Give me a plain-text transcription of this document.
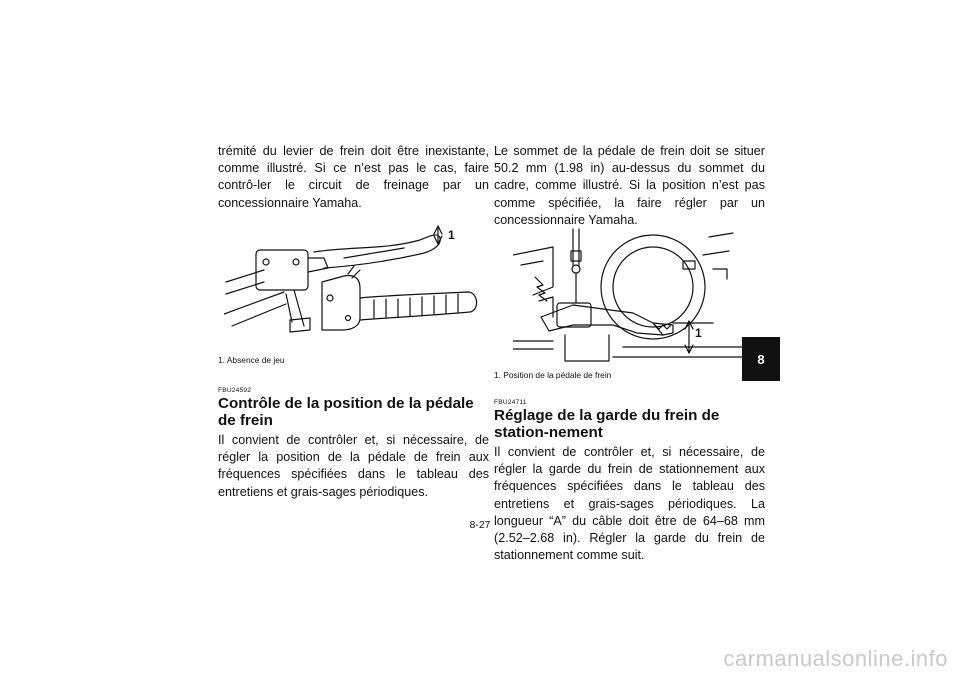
trémité du levier de frein doit être inexistante, comme illustré. Si ce n’est pas le cas, faire contrô-ler le circuit de freinage par un concessionnaire Yamaha.

1

1. Absence de jeu

FBU24592

Contrôle de la position de la pédale de frein

Il convient de contrôler et, si nécessaire, de régler la position de la pédale de frein aux fréquences spécifiées dans le tableau des entretiens et grais-sages périodiques.

Le sommet de la pédale de frein doit se situer 50.2 mm (1.98 in) au-dessus du sommet du cadre, comme illustré. Si la position n’est pas comme spécifiée, la faire régler par un concessionnaire Yamaha.

1

1. Position de la pédale de frein

FBU24711

Réglage de la garde du frein de station-nement

Il convient de contrôler et, si nécessaire, de régler la garde du frein de stationnement aux fréquences spécifiées dans le tableau des entretiens et grais-sages périodiques. La longueur “A” du câble doit être de 64–68 mm (2.52–2.68 in). Régler la garde du frein de stationnement comme suit.

8
8-27
carmanualsonline.info
